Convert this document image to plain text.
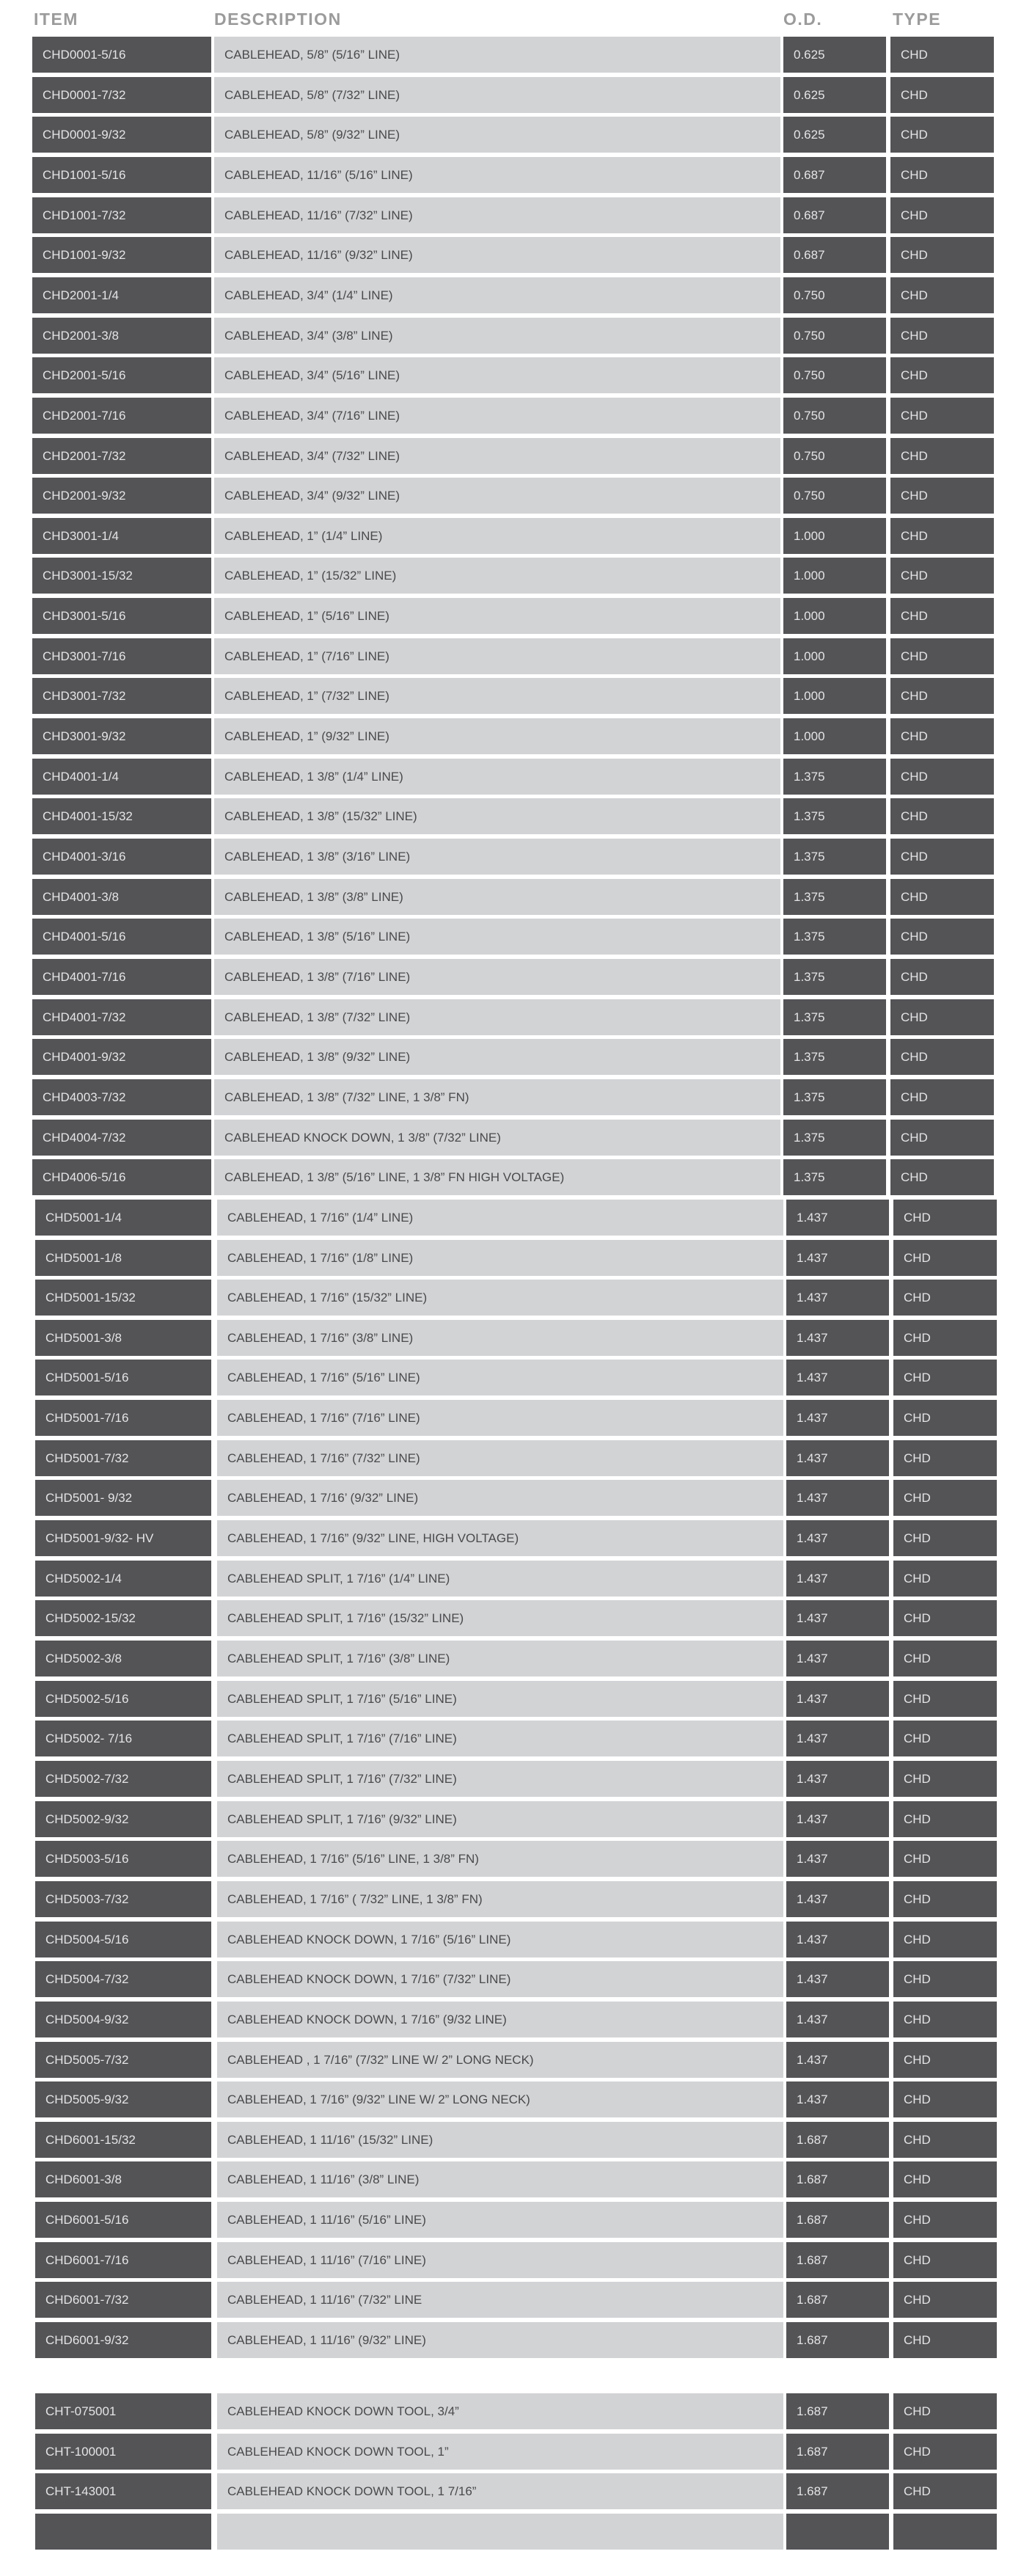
ITEM	DESCRIPTION	O.D.	TYPE
CHD0001-5/16	CABLEHEAD, 5/8” (5/16” LINE)	0.625	CHD
CHD0001-7/32	CABLEHEAD, 5/8” (7/32” LINE)	0.625	CHD
CHD0001-9/32	CABLEHEAD, 5/8” (9/32” LINE)	0.625	CHD
CHD1001-5/16	CABLEHEAD, 11/16” (5/16” LINE)	0.687	CHD
CHD1001-7/32	CABLEHEAD, 11/16” (7/32” LINE)	0.687	CHD
CHD1001-9/32	CABLEHEAD, 11/16” (9/32” LINE)	0.687	CHD
CHD2001-1/4	CABLEHEAD, 3/4” (1/4” LINE)	0.750	CHD
CHD2001-3/8	CABLEHEAD, 3/4” (3/8” LINE)	0.750	CHD
CHD2001-5/16	CABLEHEAD, 3/4” (5/16” LINE)	0.750	CHD
CHD2001-7/16	CABLEHEAD, 3/4” (7/16” LINE)	0.750	CHD
CHD2001-7/32	CABLEHEAD, 3/4” (7/32” LINE)	0.750	CHD
CHD2001-9/32	CABLEHEAD, 3/4” (9/32” LINE)	0.750	CHD
CHD3001-1/4	CABLEHEAD, 1” (1/4” LINE)	1.000	CHD
CHD3001-15/32	CABLEHEAD, 1” (15/32” LINE)	1.000	CHD
CHD3001-5/16	CABLEHEAD, 1” (5/16” LINE)	1.000	CHD
CHD3001-7/16	CABLEHEAD, 1” (7/16” LINE)	1.000	CHD
CHD3001-7/32	CABLEHEAD, 1” (7/32” LINE)	1.000	CHD
CHD3001-9/32	CABLEHEAD, 1” (9/32” LINE)	1.000	CHD
CHD4001-1/4	CABLEHEAD, 1 3/8” (1/4” LINE)	1.375	CHD
CHD4001-15/32	CABLEHEAD, 1 3/8” (15/32” LINE)	1.375	CHD
CHD4001-3/16	CABLEHEAD, 1 3/8” (3/16” LINE)	1.375	CHD
CHD4001-3/8	CABLEHEAD, 1 3/8” (3/8” LINE)	1.375	CHD
CHD4001-5/16	CABLEHEAD, 1 3/8” (5/16” LINE)	1.375	CHD
CHD4001-7/16	CABLEHEAD, 1 3/8” (7/16” LINE)	1.375	CHD
CHD4001-7/32	CABLEHEAD, 1 3/8” (7/32” LINE)	1.375	CHD
CHD4001-9/32	CABLEHEAD, 1 3/8” (9/32” LINE)	1.375	CHD
CHD4003-7/32	CABLEHEAD, 1 3/8” (7/32” LINE, 1 3/8” FN)	1.375	CHD
CHD4004-7/32	CABLEHEAD KNOCK DOWN, 1 3/8” (7/32” LINE)	1.375	CHD
CHD4006-5/16	CABLEHEAD, 1 3/8” (5/16” LINE, 1 3/8” FN HIGH VOLTAGE)	1.375	CHD
CHD5001-1/4	CABLEHEAD, 1 7/16” (1/4” LINE)	1.437	CHD
CHD5001-1/8	CABLEHEAD, 1 7/16” (1/8” LINE)	1.437	CHD
CHD5001-15/32	CABLEHEAD, 1 7/16” (15/32” LINE)	1.437	CHD
CHD5001-3/8	CABLEHEAD, 1 7/16” (3/8” LINE)	1.437	CHD
CHD5001-5/16	CABLEHEAD, 1 7/16” (5/16” LINE)	1.437	CHD
CHD5001-7/16	CABLEHEAD, 1 7/16” (7/16” LINE)	1.437	CHD
CHD5001-7/32	CABLEHEAD, 1 7/16” (7/32” LINE)	1.437	CHD
CHD5001- 9/32	CABLEHEAD, 1 7/16’ (9/32” LINE)	1.437	CHD
CHD5001-9/32- HV	CABLEHEAD, 1 7/16” (9/32” LINE, HIGH VOLTAGE)	1.437	CHD
CHD5002-1/4	CABLEHEAD SPLIT, 1 7/16” (1/4” LINE)	1.437	CHD
CHD5002-15/32	CABLEHEAD SPLIT, 1 7/16” (15/32” LINE)	1.437	CHD
CHD5002-3/8	CABLEHEAD SPLIT, 1 7/16” (3/8” LINE)	1.437	CHD
CHD5002-5/16	CABLEHEAD SPLIT, 1 7/16” (5/16” LINE)	1.437	CHD
CHD5002- 7/16	CABLEHEAD SPLIT, 1 7/16” (7/16” LINE)	1.437	CHD
CHD5002-7/32	CABLEHEAD SPLIT, 1 7/16” (7/32” LINE)	1.437	CHD
CHD5002-9/32	CABLEHEAD SPLIT, 1 7/16” (9/32” LINE)	1.437	CHD
CHD5003-5/16	CABLEHEAD, 1 7/16” (5/16” LINE, 1 3/8” FN)	1.437	CHD
CHD5003-7/32	CABLEHEAD, 1 7/16” ( 7/32” LINE, 1 3/8” FN)	1.437	CHD
CHD5004-5/16	CABLEHEAD KNOCK DOWN, 1 7/16” (5/16” LINE)	1.437	CHD
CHD5004-7/32	CABLEHEAD KNOCK DOWN, 1 7/16” (7/32” LINE)	1.437	CHD
CHD5004-9/32	CABLEHEAD KNOCK DOWN, 1 7/16” (9/32 LINE)	1.437	CHD
CHD5005-7/32	CABLEHEAD , 1 7/16” (7/32” LINE W/ 2” LONG NECK)	1.437	CHD
CHD5005-9/32	CABLEHEAD, 1 7/16” (9/32” LINE W/ 2” LONG NECK)	1.437	CHD
CHD6001-15/32	CABLEHEAD, 1 11/16” (15/32” LINE)	1.687	CHD
CHD6001-3/8	CABLEHEAD, 1 11/16” (3/8” LINE)	1.687	CHD
CHD6001-5/16	CABLEHEAD, 1 11/16” (5/16” LINE)	1.687	CHD
CHD6001-7/16	CABLEHEAD, 1 11/16” (7/16” LINE)	1.687	CHD
CHD6001-7/32	CABLEHEAD, 1 11/16” (7/32” LINE	1.687	CHD
CHD6001-9/32	CABLEHEAD, 1 11/16” (9/32” LINE)	1.687	CHD
CHT-075001	CABLEHEAD KNOCK DOWN TOOL, 3/4”	1.687	CHD
CHT-100001	CABLEHEAD KNOCK DOWN TOOL, 1”	1.687	CHD
CHT-143001	CABLEHEAD KNOCK DOWN TOOL, 1 7/16”	1.687	CHD
